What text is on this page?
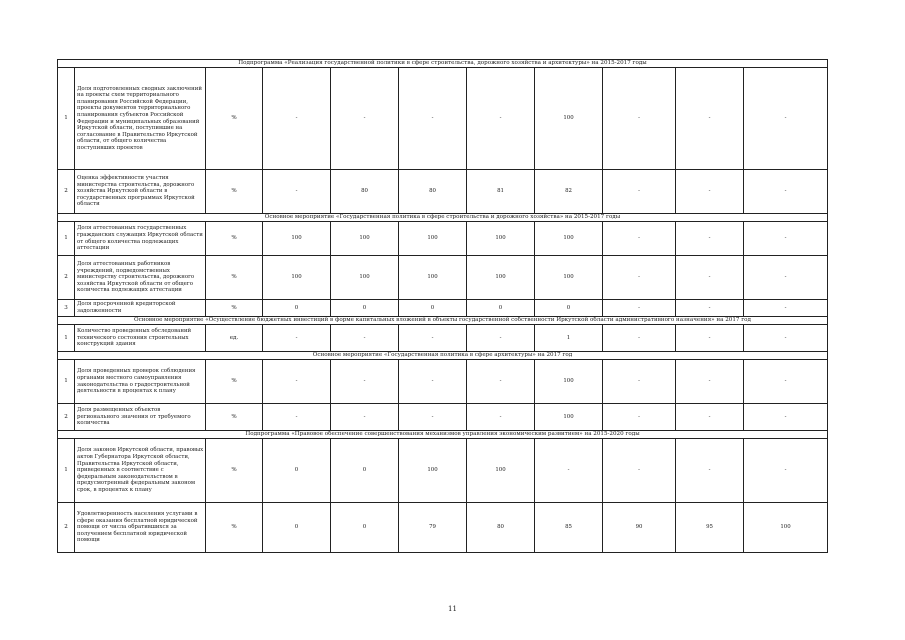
Подпрограмма «Реализация государственной политики в сфере строительства, дорожного хозяйства и архитектуры» на 2015-2017 годы										
1	Доля подготовленных сводных заключений на проекты схем территориального планирования Российской Федерации, проекты документов территориального планирования субъектов Российской Федерации и муниципальных образований Иркутской области, поступившие на согласование в Правительство Иркутской области, от общего количества поступивших проектов	%	-	-	-	-	100	-	-	-
2	Оценка эффективности участия министерства строительства, дорожного хозяйства Иркутской области в государственных программах Иркутской области	%	-	80	80	81	82	-	-	-
Основное мероприятие «Государственная политика в сфере строительства и дорожного хозяйства» на 2015-2017 годы										
1	Доля аттестованных государственных гражданских служащих Иркутской области от общего количества подлежащих аттестации	%	100	100	100	100	100	-	-	-
2	Доля аттестованных работников учреждений, подведомственных министерству строительства, дорожного хозяйства Иркутской области от общего количества подлежащих аттестации	%	100	100	100	100	100	-	-	-
3	Доля просроченной кредиторской задолженности	%	0	0	0	0	0	-	-	-
Основное мероприятие «Осуществление бюджетных инвестиций в форме капитальных вложений в объекты государственной собственности Иркутской области административного назначения» на 2017 год										
1	Количество проведенных обследований технического состояния строительных конструкций здания	ед.	-	-	-	-	1	-	-	-
Основное мероприятие «Государственная политика в сфере архитектуры» на 2017 год										
1	Доля проведенных проверок соблюдения органами местного самоуправления законодательства о градостроительной деятельности в процентах к плану	%	-	-	-	-	100	-	-	-
2	Доля размещенных объектов регионального значения от требуемого количества	%	-	-	-	-	100	-	-	-
Подпрограмма «Правовое обеспечение совершенствования механизмов управления экономическим развитием» на 2015-2020 годы										
1	Доля законов Иркутской области, правовых актов Губернатора Иркутской области, Правительства Иркутской области, приведенных в соответствие с федеральным законодательством в предусмотренный федеральным законом срок, в процентах к плану	%	0	0	100	100	-	-	-	-
2	Удовлетворенность населения услугами в сфере оказания бесплатной юридической помощи от числа обратившихся за получением бесплатной юридической помощи	%	0	0	79	80	85	90	95	100
11
